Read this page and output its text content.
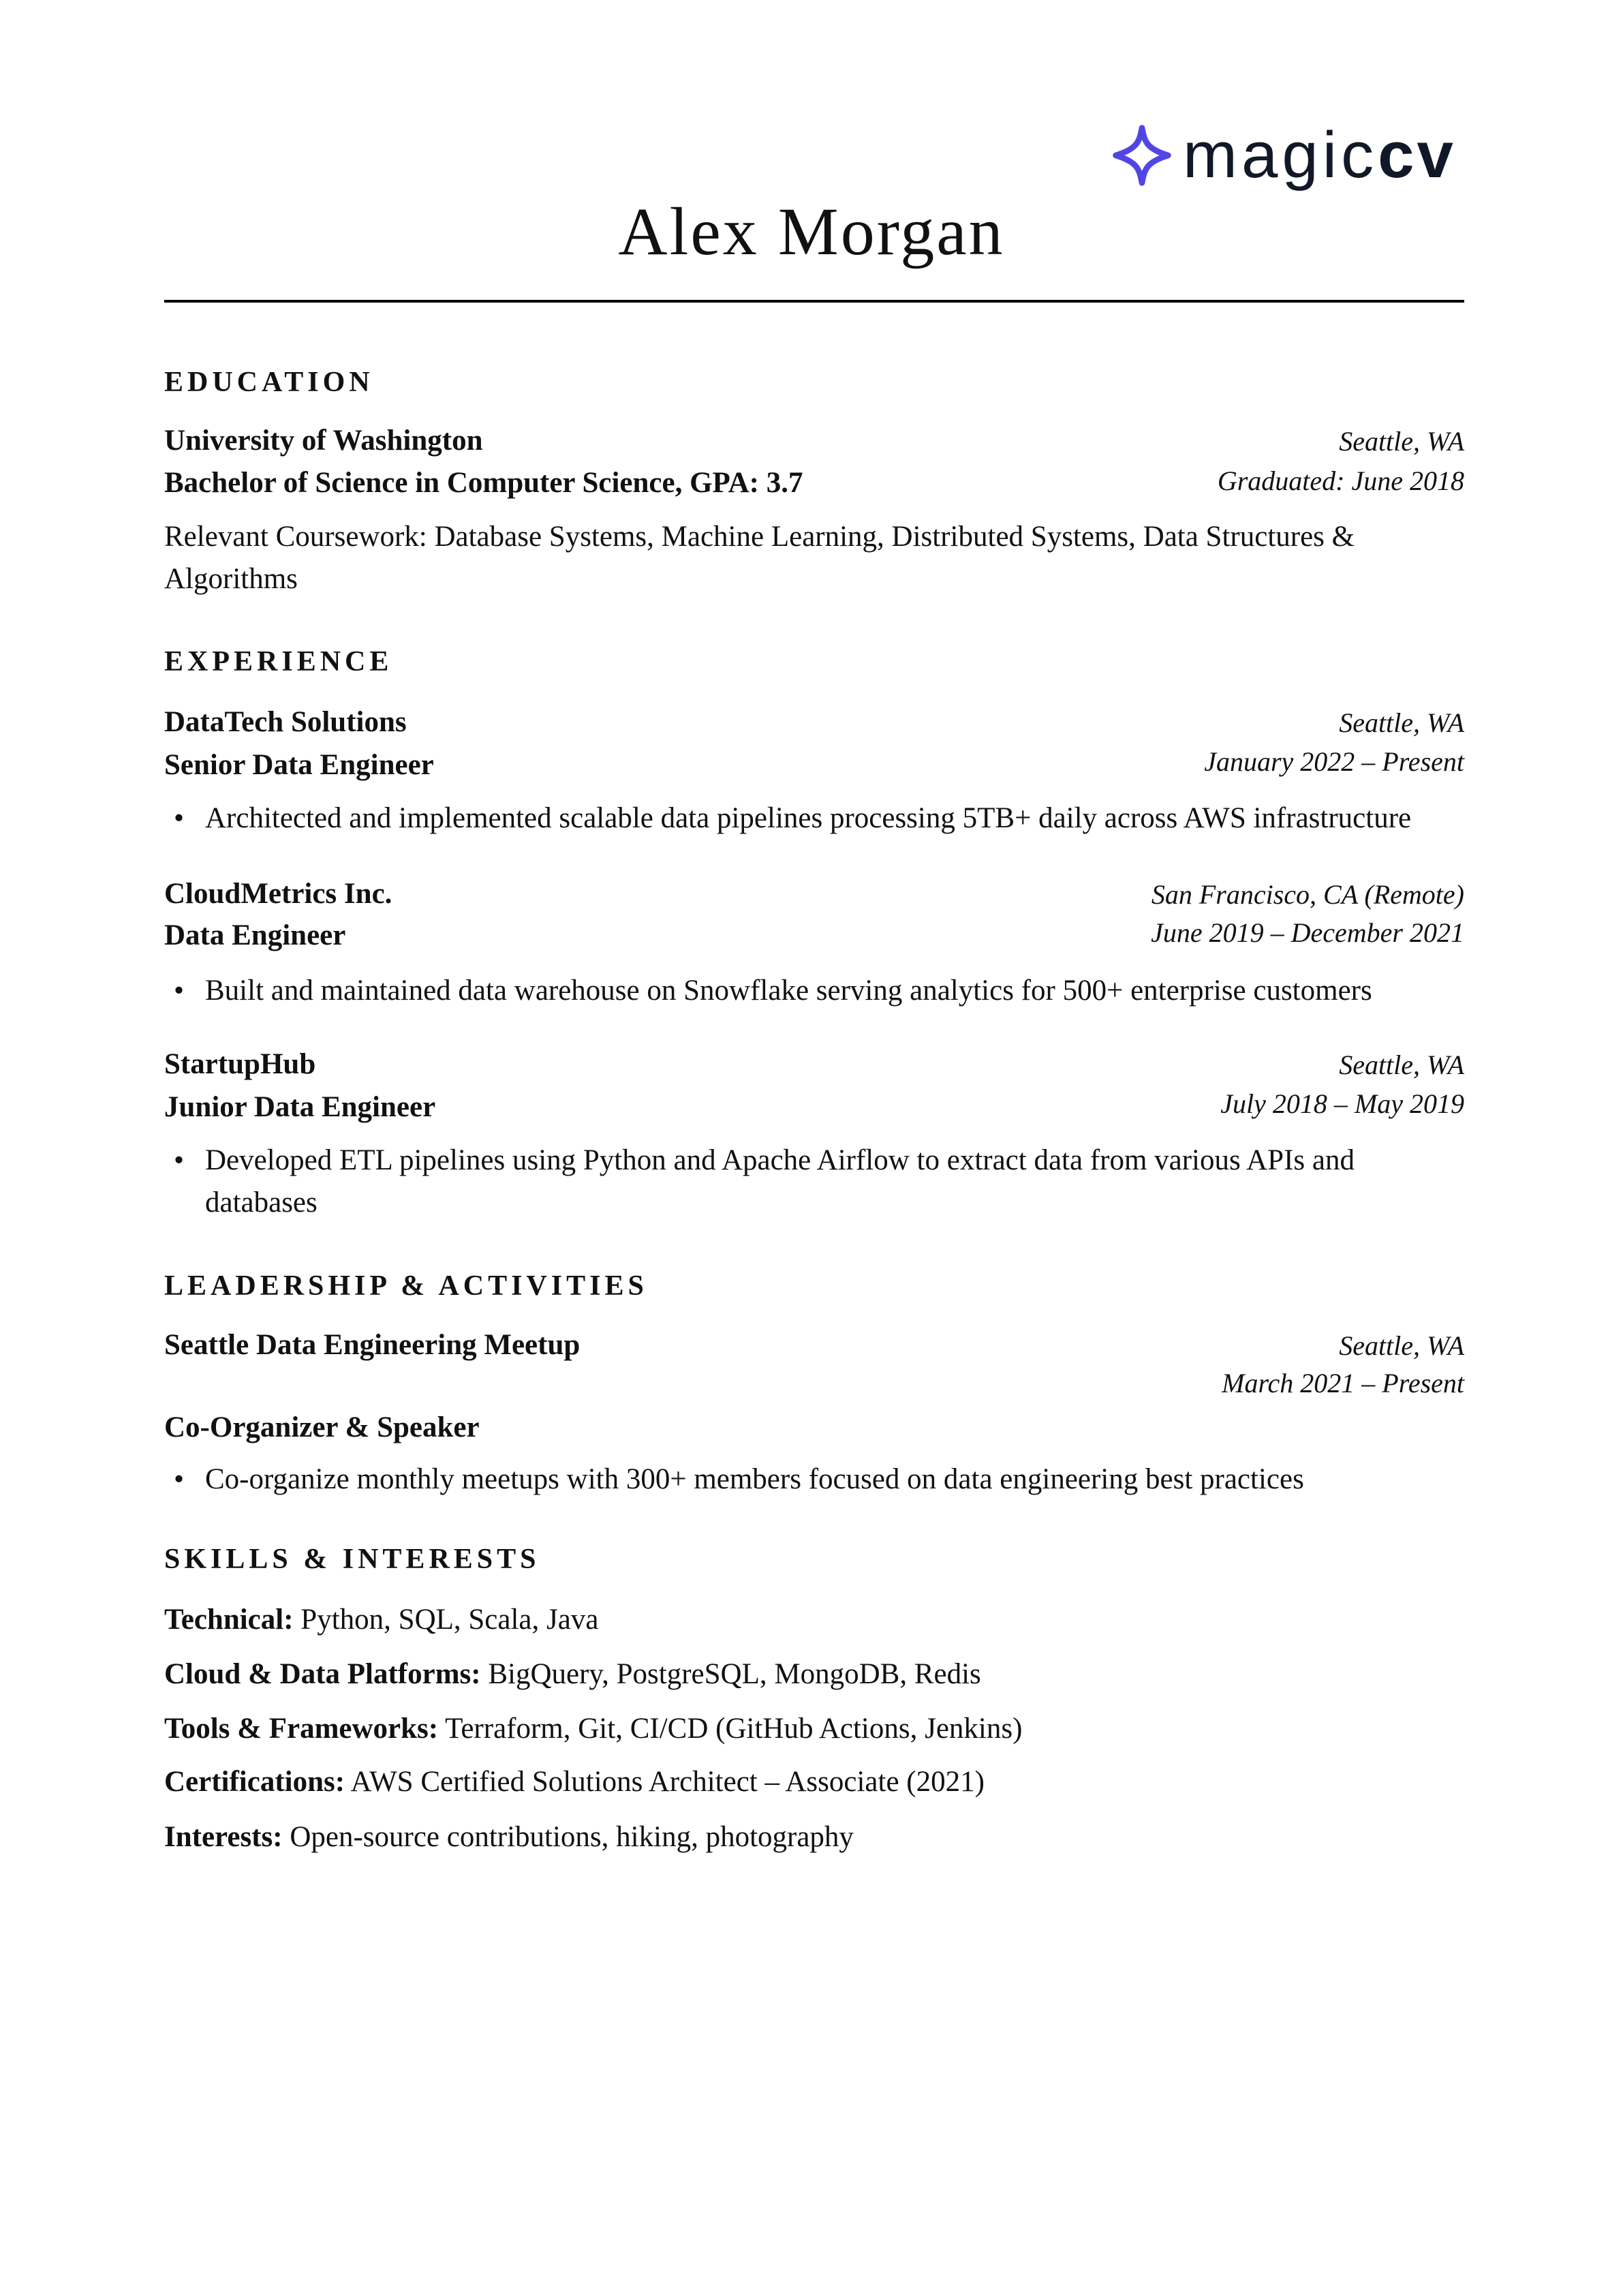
magiccv
Alex Morgan
EDUCATION
University of Washington	Seattle, WA
Bachelor of Science in Computer Science, GPA: 3.7	Graduated: June 2018
Relevant Coursework: Database Systems, Machine Learning, Distributed Systems, Data Structures & Algorithms
EXPERIENCE
DataTech Solutions	Seattle, WA
Senior Data Engineer	January 2022 – Present
• Architected and implemented scalable data pipelines processing 5TB+ daily across AWS infrastructure
CloudMetrics Inc.	San Francisco, CA (Remote)
Data Engineer	June 2019 – December 2021
• Built and maintained data warehouse on Snowflake serving analytics for 500+ enterprise customers
StartupHub	Seattle, WA
Junior Data Engineer	July 2018 – May 2019
• Developed ETL pipelines using Python and Apache Airflow to extract data from various APIs and databases
LEADERSHIP & ACTIVITIES
Seattle Data Engineering Meetup	Seattle, WA
March 2021 – Present
Co-Organizer & Speaker
• Co-organize monthly meetups with 300+ members focused on data engineering best practices
SKILLS & INTERESTS
Technical: Python, SQL, Scala, Java
Cloud & Data Platforms: BigQuery, PostgreSQL, MongoDB, Redis
Tools & Frameworks: Terraform, Git, CI/CD (GitHub Actions, Jenkins)
Certifications: AWS Certified Solutions Architect – Associate (2021)
Interests: Open-source contributions, hiking, photography
